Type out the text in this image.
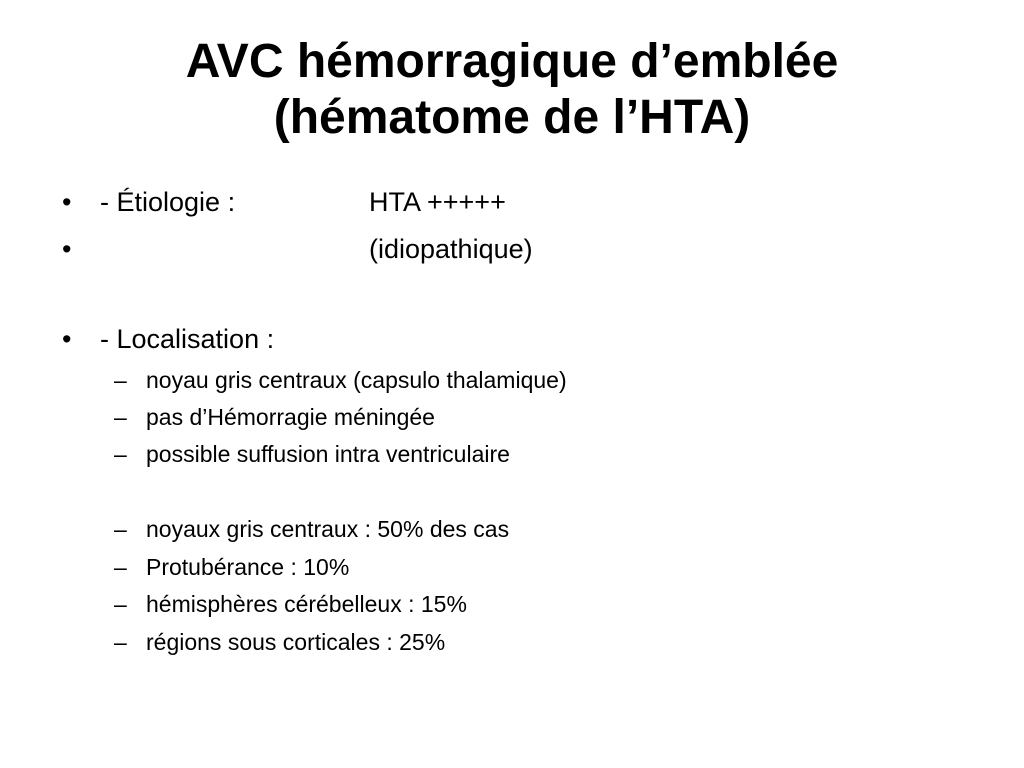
AVC hémorragique d’emblée
(hématome de l’HTA)
• - Étiologie :	HTA +++++
•	(idiopathique)
• - Localisation :
– noyau gris centraux (capsulo thalamique)
– pas d’Hémorragie méningée
– possible suffusion intra ventriculaire
– noyaux gris centraux : 50% des cas
– Protubérance : 10%
– hémisphères cérébelleux : 15%
– régions sous corticales : 25%
